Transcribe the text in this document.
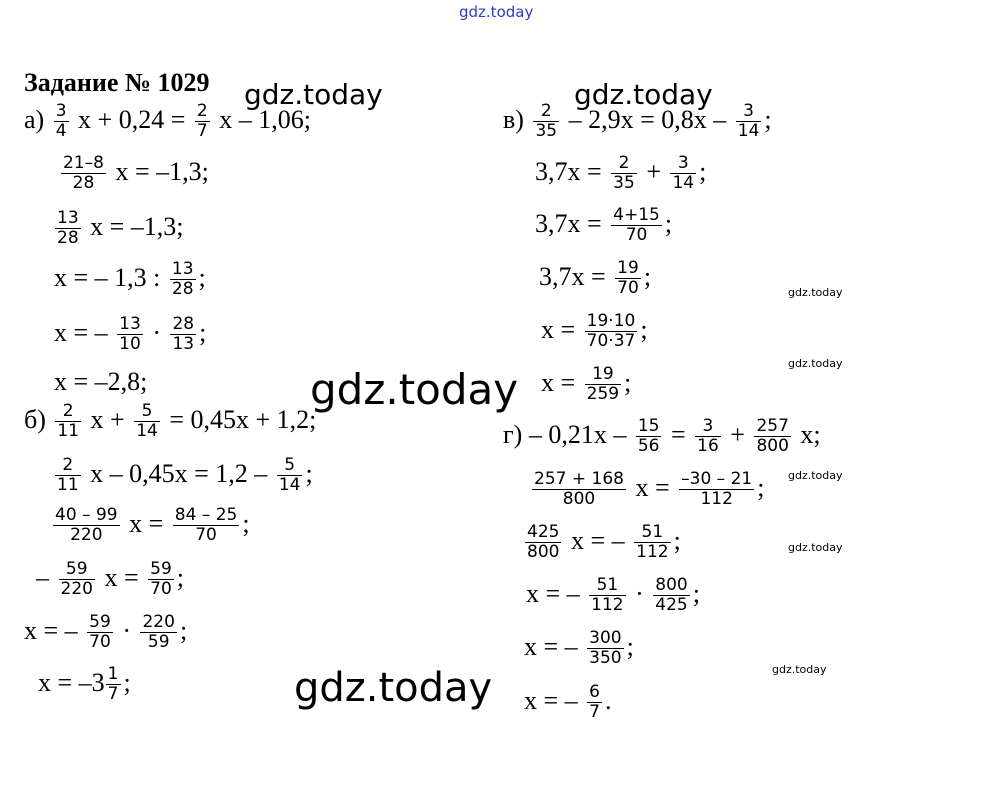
gdz.today
gdz.today	gdz.today
gdz.today
gdz.today
gdz.today
gdz.today
gdz.today
gdz.today
gdz.today
Задание № 1029
$а) \frac{3}{4}$ $x + 0,24 = \frac{2}{7}$ x – 1,06;
$\frac{21-8}{28}$ x = –1,3;
$\frac{13}{28}$ x = –1,3;
x = – 1,3 : $\frac{13}{28}$ ;
x = – $\frac{13}{10} \cdot \frac{28}{13}$ ;
x = –2,8;
$б) \frac{2}{11}$ $x + \frac{5}{14} = 0,45x + 1,2$;
$\frac{2}{11}$ $x - 0,45x = 1,2 - \frac{5}{14}$ ;
$\frac{40 - 99}{220}$ $x = \frac{84 - 25}{70}$ ;
– $\frac{59}{220}$ $x = \frac{59}{70}$ ;
x = – $\frac{59}{70} \cdot \frac{220}{59}$ ;
$x = -3 \frac{1}{7}$ ;
$в) \frac{2}{35} - 2,9x = 0,8x - \frac{3}{14}$ ;
$3,7x = \frac{2}{35} + \frac{3}{14}$ ;
$3,7x = \frac{4+15}{70}$ ;
$3,7x = \frac{19}{70}$ ;
$x = \frac{19\cdot 10}{70\cdot 37}$ ;
$x = \frac{19}{259}$ ;
$г) - 0,21x - \frac{15}{56} = \frac{3}{16} + \frac{257}{800} x$;
$\frac{257 + 168}{800}$ $x = \frac{-30 - 21}{112}$ ;
$\frac{425}{800}$ x = – $\frac{51}{112}$ ;
x = – $\frac{51}{112} \cdot \frac{800}{425}$ ;
x = – $\frac{300}{350}$ ;
x = – $\frac{6}{7}$ .
